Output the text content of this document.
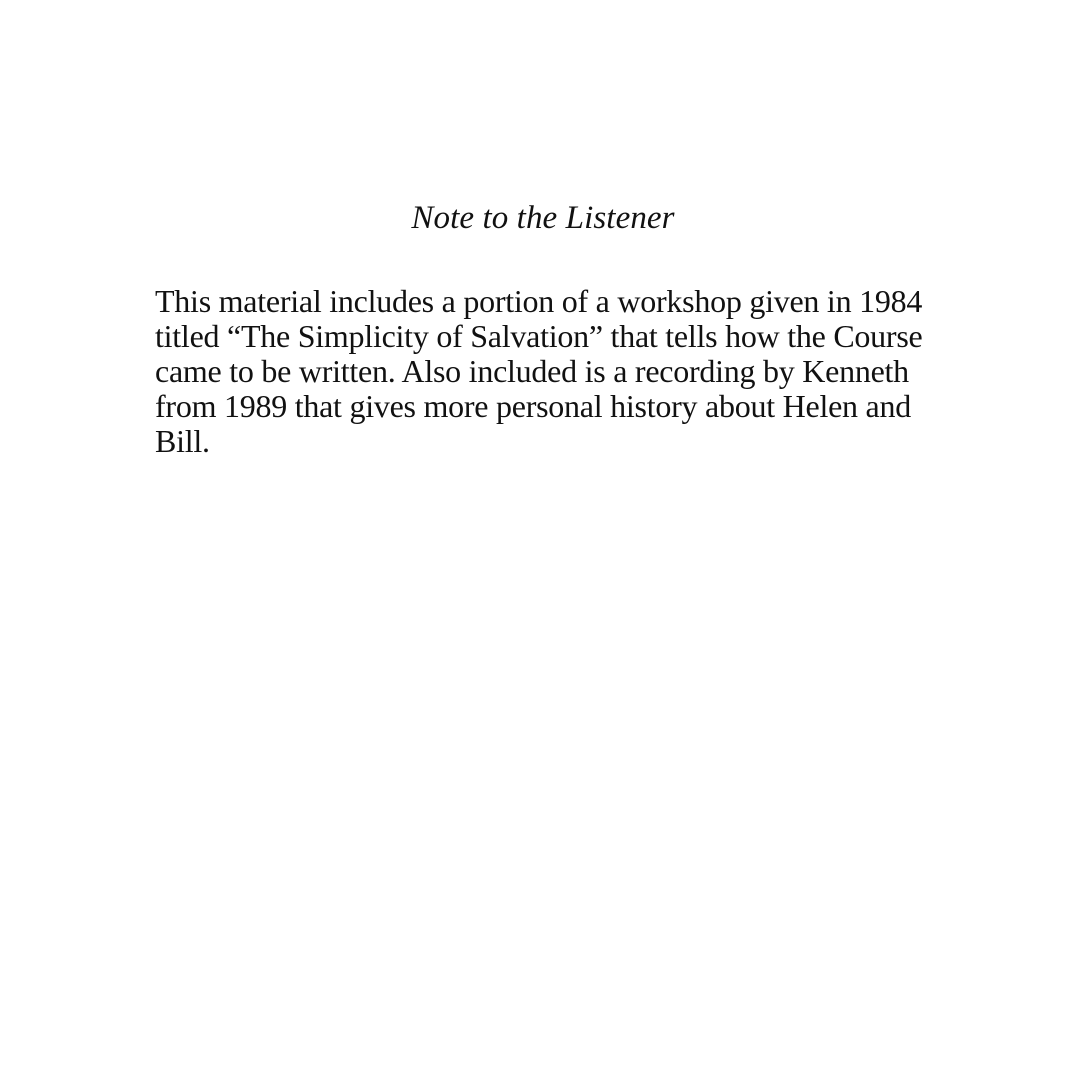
Note to the Listener

This material includes a portion of a workshop given in 1984
titled “The Simplicity of Salvation” that tells how the Course
came to be written. Also included is a recording by Kenneth
from 1989 that gives more personal history about Helen and
Bill.
